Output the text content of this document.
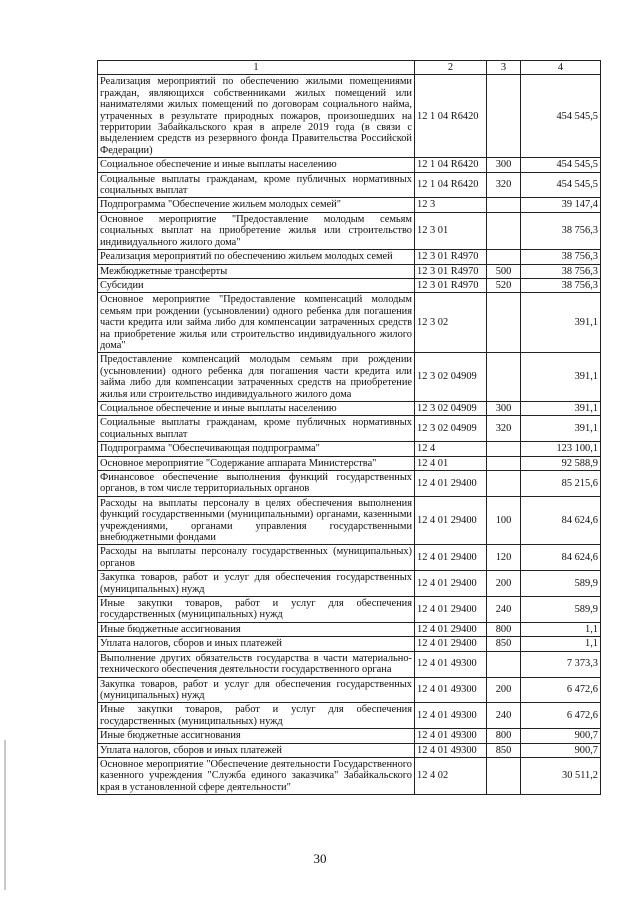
1	2	3	4
Реализация мероприятий по обеспечению жилыми помещениями граждан, являющихся собственниками жилых помещений или нанимателями жилых помещений по договорам социального найма, утраченных в результате природных пожаров, произошедших на территории Забайкальского края в апреле 2019 года (в связи с выделением средств из резервного фонда Правительства Российской Федерации)	12 1 04 R6420		454 545,5
Социальное обеспечение и иные выплаты населению	12 1 04 R6420	300	454 545,5
Социальные выплаты гражданам, кроме публичных нормативных социальных выплат	12 1 04 R6420	320	454 545,5
Подпрограмма "Обеспечение жильем молодых семей"	12 3		39 147,4
Основное мероприятие "Предоставление молодым семьям социальных выплат на приобретение жилья или строительство индивидуального жилого дома"	12 3 01		38 756,3
Реализация мероприятий по обеспечению жильем молодых семей	12 3 01 R4970		38 756,3
Межбюджетные трансферты	12 3 01 R4970	500	38 756,3
Субсидии	12 3 01 R4970	520	38 756,3
Основное мероприятие "Предоставление компенсаций молодым семьям при рождении (усыновлении) одного ребенка для погашения части кредита или займа либо для компенсации затраченных средств на приобретение жилья или строительство индивидуального жилого дома"	12 3 02		391,1
Предоставление компенсаций молодым семьям при рождении (усыновлении) одного ребенка для погашения части кредита или займа либо для компенсации затраченных средств на приобретение жилья или строительство индивидуального жилого дома	12 3 02 04909		391,1
Социальное обеспечение и иные выплаты населению	12 3 02 04909	300	391,1
Социальные выплаты гражданам, кроме публичных нормативных социальных выплат	12 3 02 04909	320	391,1
Подпрограмма "Обеспечивающая подпрограмма"	12 4		123 100,1
Основное мероприятие "Содержание аппарата Министерства"	12 4 01		92 588,9
Финансовое обеспечение выполнения функций государственных органов, в том числе территориальных органов	12 4 01 29400		85 215,6
Расходы на выплаты персоналу в целях обеспечения выполнения функций государственными (муниципальными) органами, казенными учреждениями, органами управления государственными внебюджетными фондами	12 4 01 29400	100	84 624,6
Расходы на выплаты персоналу государственных (муниципальных) органов	12 4 01 29400	120	84 624,6
Закупка товаров, работ и услуг для обеспечения государственных (муниципальных) нужд	12 4 01 29400	200	589,9
Иные закупки товаров, работ и услуг для обеспечения государственных (муниципальных) нужд	12 4 01 29400	240	589,9
Иные бюджетные ассигнования	12 4 01 29400	800	1,1
Уплата налогов, сборов и иных платежей	12 4 01 29400	850	1,1
Выполнение других обязательств государства в части материально-технического обеспечения деятельности государственного органа	12 4 01 49300		7 373,3
Закупка товаров, работ и услуг для обеспечения государственных (муниципальных) нужд	12 4 01 49300	200	6 472,6
Иные закупки товаров, работ и услуг для обеспечения государственных (муниципальных) нужд	12 4 01 49300	240	6 472,6
Иные бюджетные ассигнования	12 4 01 49300	800	900,7
Уплата налогов, сборов и иных платежей	12 4 01 49300	850	900,7
Основное мероприятие "Обеспечение деятельности Государственного казенного учреждения "Служба единого заказчика" Забайкальского края в установленной сфере деятельности"	12 4 02		30 511,2
30
